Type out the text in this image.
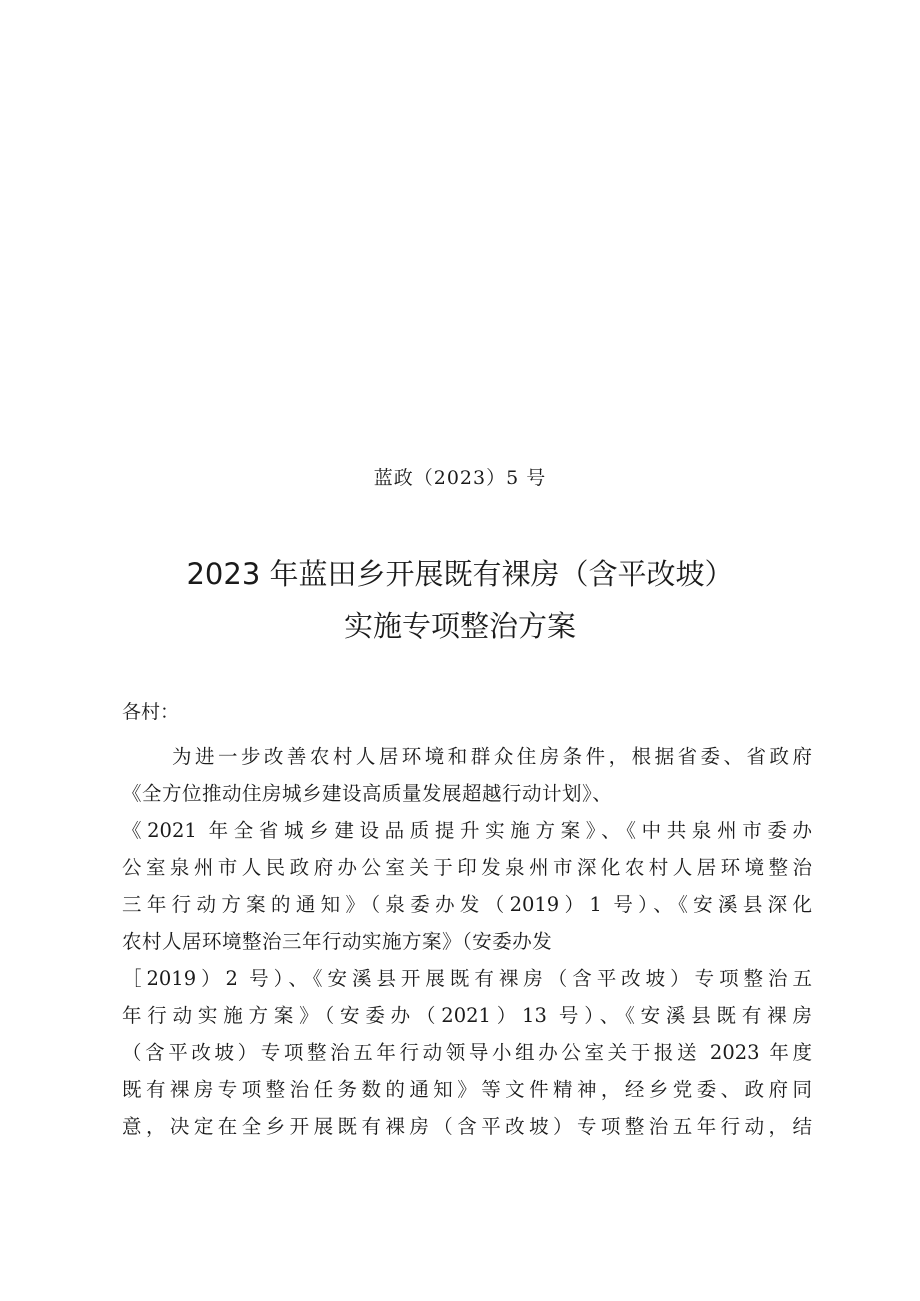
蓝政（2023）5 号
2023 年蓝田乡开展既有裸房（含平改坡）
实施专项整治方案
各村：
为进一步改善农村人居环境和群众住房条件，根据省委、省政府
《全方位推动住房城乡建设高质量发展超越行动计划》、
《2021 年全省城乡建设品质提升实施方案》、《中共泉州市委办
公室泉州市人民政府办公室关于印发泉州市深化农村人居环境整治
三年行动方案的通知》（泉委办发（2019）1 号）、《安溪县深化
农村人居环境整治三年行动实施方案》（安委办发
［2019）2 号）、《安溪县开展既有裸房（含平改坡）专项整治五
年行动实施方案》（安委办（2021）13 号）、《安溪县既有裸房
（含平改坡）专项整治五年行动领导小组办公室关于报送 2023 年度
既有裸房专项整治任务数的通知》等文件精神，经乡党委、政府同
意，决定在全乡开展既有裸房（含平改坡）专项整治五年行动，结
